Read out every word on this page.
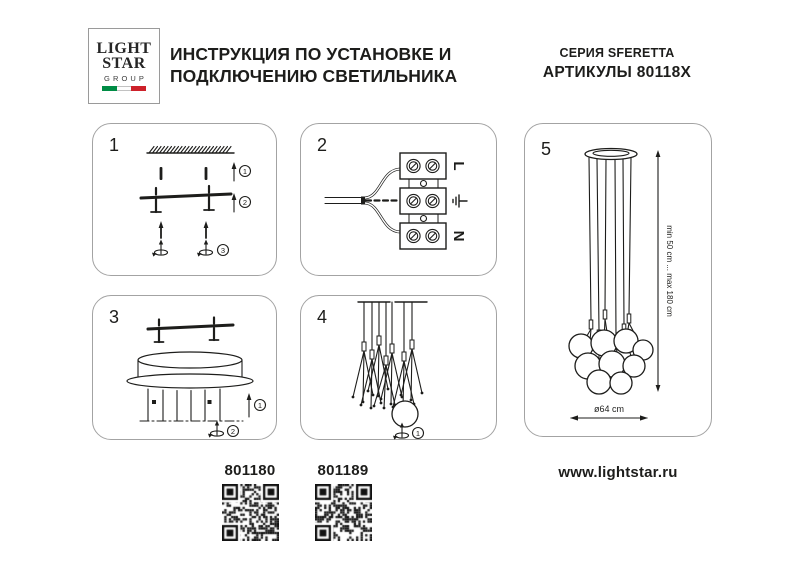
LIGHT
STAR
GROUP
ИНСТРУКЦИЯ ПО УСТАНОВКЕ И
ПОДКЛЮЧЕНИЮ СВЕТИЛЬНИКА
СЕРИЯ SFERETTA
АРТИКУЛЫ 80118X
1
1
2
3
2
L
N
3
1
2
4
1
5
min 50 cm ... max 180 cm
ø64 cm
801180	801189	www.lightstar.ru
